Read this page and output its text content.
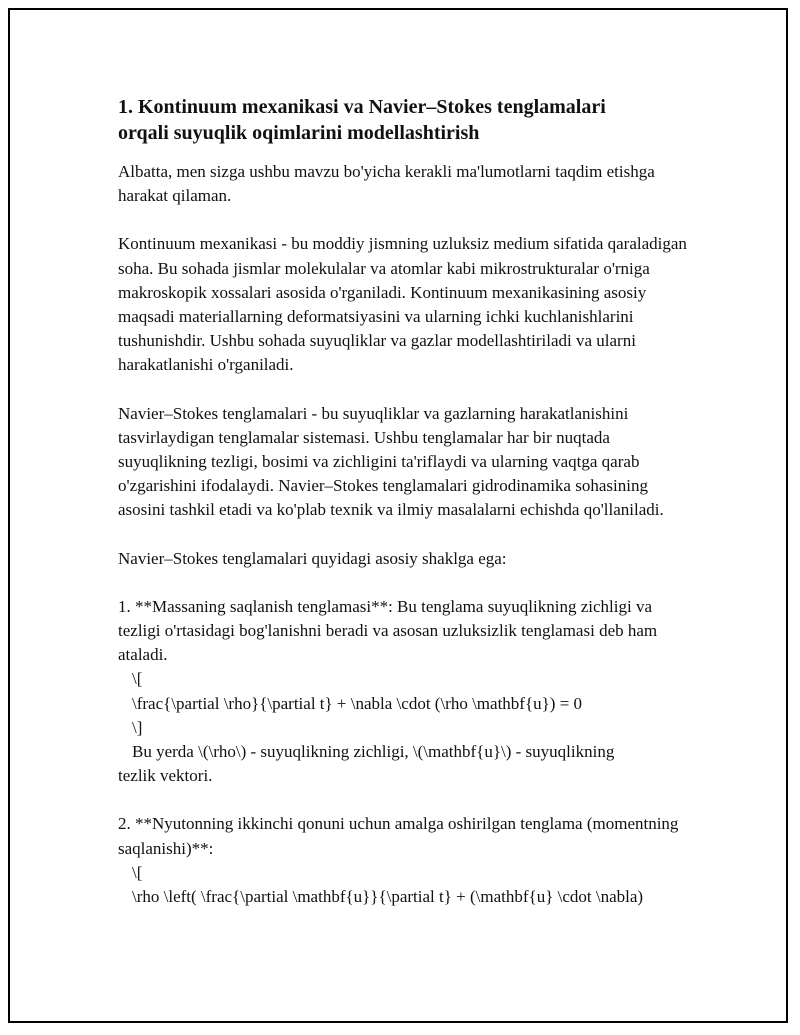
1. Kontinuum mexanikasi va Navier–Stokes tenglamalari
orqali suyuqlik oqimlarini modellashtirish

Albatta, men sizga ushbu mavzu bo'yicha kerakli ma'lumotlarni taqdim etishga harakat qilaman.

Kontinuum mexanikasi - bu moddiy jismning uzluksiz medium sifatida qaraladigan soha. Bu sohada jismlar molekulalar va atomlar kabi mikrostrukturalar o'rniga makroskopik xossalari asosida o'rganiladi. Kontinuum mexanikasining asosiy maqsadi materiallarning deformatsiyasini va ularning ichki kuchlanishlarini tushunishdir. Ushbu sohada suyuqliklar va gazlar modellashtiriladi va ularni harakatlanishi o'rganiladi.

Navier–Stokes tenglamalari - bu suyuqliklar va gazlarning harakatlanishini tasvirlaydigan tenglamalar sistemasi. Ushbu tenglamalar har bir nuqtada suyuqlikning tezligi, bosimi va zichligini ta'riflaydi va ularning vaqtga qarab o'zgarishini ifodalaydi. Navier–Stokes tenglamalari gidrodinamika sohasining asosini tashkil etadi va ko'plab texnik va ilmiy masalalarni echishda qo'llaniladi.

Navier–Stokes tenglamalari quyidagi asosiy shaklga ega:

1. **Massaning saqlanish tenglamasi**: Bu tenglama suyuqlikning zichligi va tezligi o'rtasidagi bog'lanishni beradi va asosan uzluksizlik tenglamasi deb ham ataladi.

\[
\frac{\partial \rho}{\partial t} + \nabla \cdot (\rho \mathbf{u}) = 0
\]
Bu yerda \(\rho\) - suyuqlikning zichligi, \(\mathbf{u}\) - suyuqlikning
tezlik vektori.

2. **Nyutonning ikkinchi qonuni uchun amalga oshirilgan tenglama (momentning saqlanishi)**:

\[
\rho \left( \frac{\partial \mathbf{u}}{\partial t} + (\mathbf{u} \cdot \nabla)
